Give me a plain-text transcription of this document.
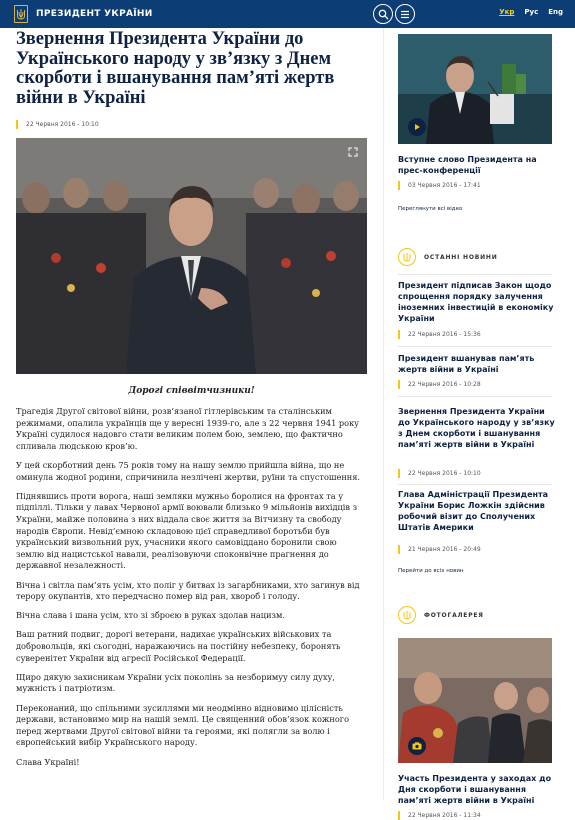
ПРЕЗИДЕНТ УКРАЇНИ	Укр Рус Eng
Звернення Президента України до Українського народу у зв’язку з Днем скорботи і вшанування пам’яті жертв війни в Україні
22 Червня 2016 - 10:10
Дорогі співвітчизники!

Трагедія Другої світової війни, розв’язаної гітлерівським та сталінським режимами, опалила українців ще у вересні 1939-го, але з 22 червня 1941 року Україні судилося надовго стати великим полем бою, землею, що фактично спливала людською кров’ю.

У цей скорботний день 75 років тому на нашу землю прийшла війна, що не оминула жодної родини, спричинила незлічені жертви, руїни та спустошення.

Піднявшись проти ворога, наші земляки мужньо боролися на фронтах та у підпіллі. Тільки у лавах Червоної армії воювали близько 9 мільйонів вихідців з України, майже половина з них віддала своє життя за Вітчизну та свободу народів Європи. Невід’ємною складовою цієї справедливої боротьби був український визвольний рух, учасники якого самовіддано боронили свою землю від нацистської навали, реалізовуючи споконвічне прагнення до державної незалежності.

Вічна і світла пам’ять усім, хто поліг у битвах із загарбниками, хто загинув від терору окупантів, хто передчасно помер від ран, хвороб і голоду.

Вічна слава і шана усім, хто зі зброєю в руках здолав нацизм.

Ваш ратний подвиг, дорогі ветерани, надихає українських військових та добровольців, які сьогодні, наражаючись на постійну небезпеку, боронять суверенітет України від агресії Російської Федерації.

Щиро дякую захисникам України усіх поколінь за незборимуy силу духу, мужність і патріотизм.

Переконаний, що спільними зусиллями ми неодмінно відновимо цілісність держави, встановимо мир на нашій землі. Це священний обов’язок кожного перед жертвами Другої світової війни та героями, які полягли за волю і європейський вибір Українського народу.

Слава Україні!

Вступне слово Президента на прес-конференції
03 Червня 2016 - 17:41
Переглянути всі відео
ОСТАННІ НОВИНИ
Президент підписав Закон щодо спрощення порядку залучення іноземних інвестицій в економіку України
22 Червня 2016 - 15:36
Президент вшанував пам’ять жертв війни в Україні
22 Червня 2016 - 10:28
Звернення Президента України до Українського народу у зв’язку з Днем скорботи і вшанування пам’яті жертв війни в Україні
22 Червня 2016 - 10:10
Глава Адміністрації Президента України Борис Ложкін здійснив робочий візит до Сполучених Штатів Америки
21 Червня 2016 - 20:49
Перейти до всіх новин
ФОТОГАЛЕРЕЯ
Участь Президента у заходах до Дня скорботи і вшанування пам’яті жертв війни в Україні
22 Червня 2016 - 11:34
